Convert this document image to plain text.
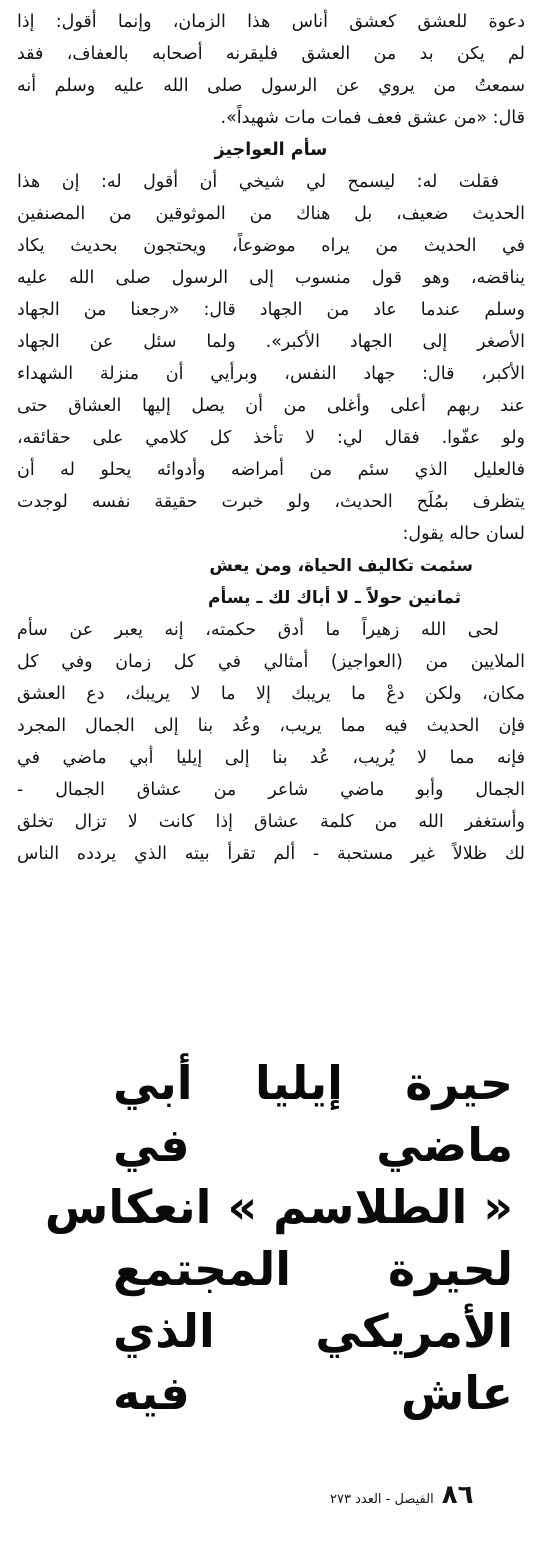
دعوة للعشق كعشق أناس هذا الزمان، وإنما أقول: إذا
لم يكن بد من العشق فليقرنه أصحابه بالعفاف، فقد
سمعتُ من يروي عن الرسول صلى الله عليه وسلم أنه
قال: «من عشق فعف فمات مات شهيداً».
سأم العواجيز
فقلت له: ليسمح لي شيخي أن أقول له: إن هذا
الحديث ضعيف، بل هناك من الموثوقين من المصنفين
في الحديث من يراه موضوعاً، ويحتجون بحديث يكاد
يناقضه، وهو قول منسوب إلى الرسول صلى الله عليه
وسلم عندما عاد من الجهاد قال: «رجعنا من الجهاد
الأصغر إلى الجهاد الأكبر». ولما سئل عن الجهاد
الأكبر، قال: جهاد النفس، وبرأيي أن منزلة الشهداء
عند ربهم أعلى وأغلى من أن يصل إليها العشاق حتى
ولو عفّوا. فقال لي: لا تأخذ كل كلامي على حقائقه،
فالعليل الذي سئم من أمراضه وأدوائه يحلو له أن
يتظرف بمُلَح الحديث، ولو خبرت حقيقة نفسه لوجدت
لسان حاله يقول:
سئمت تكاليف الحياة، ومن يعش
ثمانين حولاً ـ لا أباك لك ـ يسأم
لحى الله زهيراً ما أدق حكمته، إنه يعبر عن سأم
الملايين من (العواجيز) أمثالي في كل زمان وفي كل
مكان، ولكن دعْ ما يريبك إلا ما لا يريبك، دع العشق
فإن الحديث فيه مما يريب، وعُد بنا إلى الجمال المجرد
فإنه مما لا يُريب، عُد بنا إلى إيليا أبي ماضي في
الجمال وأبو ماضي شاعر من عشاق الجمال -
وأستغفر الله من كلمة عشاق إذا كانت لا تزال تخلق
لك ظلالاً غير مستحبة - ألم تقرأ بيته الذي يردده الناس
حيرة إيليا أبي
ماضي في
« الطلاسم » انعكاس
لحيرة المجتمع
الأمريكي الذي
عاش فيه
٨٦
الفيصل - العدد ٢٧٣
